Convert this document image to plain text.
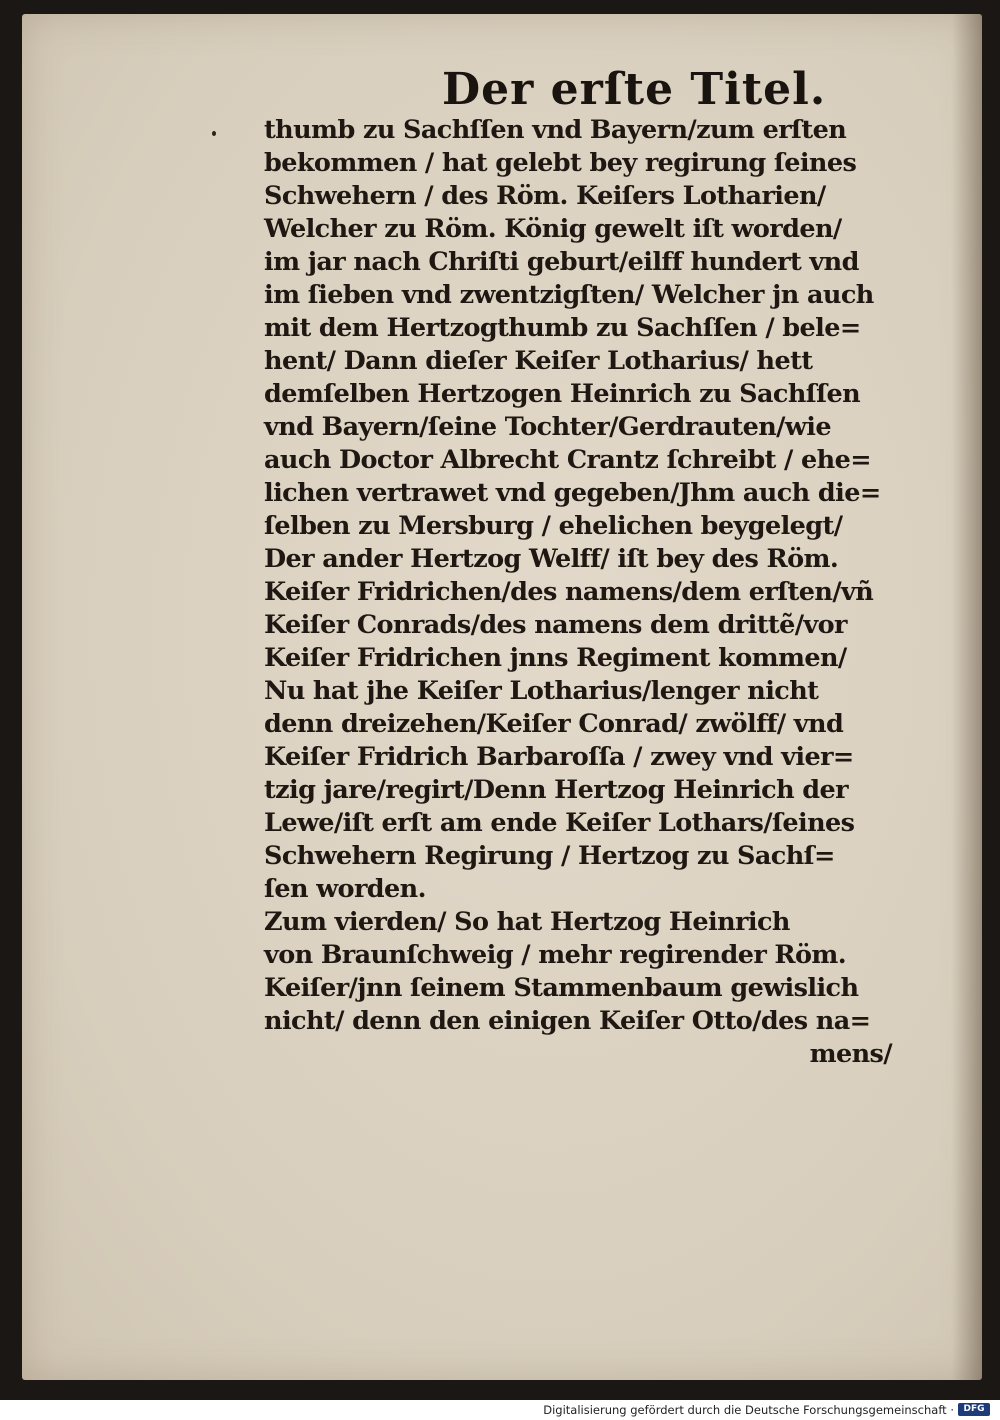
Der erſte Titel.
thumb zu Sachſſen vnd Bayern/zum erſten
bekommen / hat gelebt bey regirung ſeines
Schwehern / des Röm. Keiſers Lotharien/
Welcher zu Röm. König gewelt iſt worden/
im jar nach Chriſti geburt/eilff hundert vnd
im ſieben vnd zwentzigſten/ Welcher jn auch
mit dem Hertzogthumb zu Sachſſen / bele=
hent/ Dann dieſer Keiſer Lotharius/ hett
demſelben Hertzogen Heinrich zu Sachſſen
vnd Bayern/ſeine Tochter/Gerdrauten/wie
auch Doctor Albrecht Crantz ſchreibt / ehe=
lichen vertrawet vnd gegeben/Jhm auch die=
ſelben zu Mersburg / ehelichen beygelegt/
Der ander Hertzog Welff/ iſt bey des Röm.
Keiſer Fridrichen/des namens/dem erſten/vñ
Keiſer Conrads/des namens dem drittẽ/vor
Keiſer Fridrichen jnns Regiment kommen/
Nu hat jhe Keiſer Lotharius/lenger nicht
denn dreizehen/Keiſer Conrad/ zwölff/ vnd
Keiſer Fridrich Barbaroſſa / zwey vnd vier=
tzig jare/regirt/Denn Hertzog Heinrich der
Lewe/iſt erſt am ende Keiſer Lothars/ſeines
Schwehern Regirung / Hertzog zu Sachſ=
ſen worden.
Zum vierden/ So hat Hertzog Heinrich
von Braunſchweig / mehr regirender Röm.
Keiſer/jnn ſeinem Stammenbaum gewislich
nicht/ denn den einigen Keiſer Otto/des na=
mens/
Digitalisierung gefördert durch die Deutsche Forschungsgemeinschaft ·	DFG
